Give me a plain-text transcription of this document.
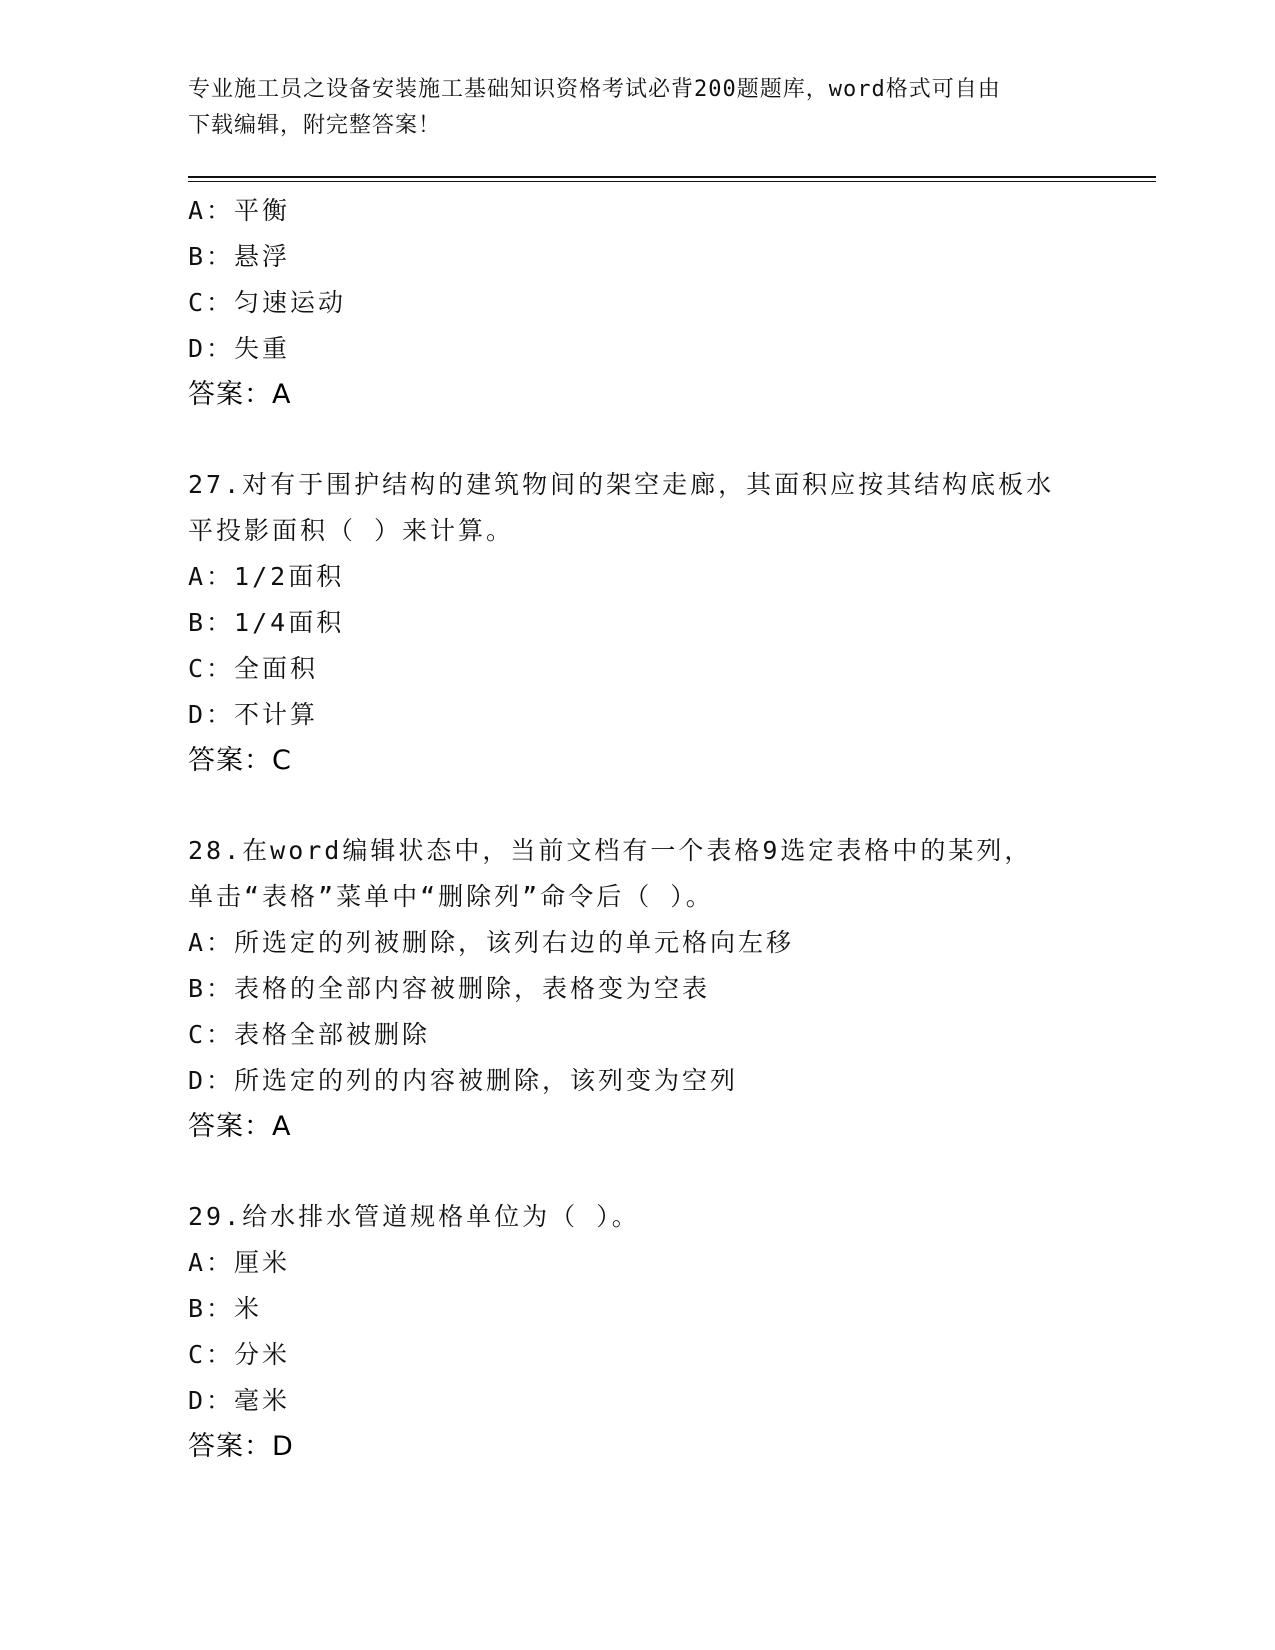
专业施工员之设备安装施工基础知识资格考试必背200题题库，word格式可自由
下载编辑，附完整答案！
A：平衡
B：悬浮
C：匀速运动
D：失重
答案：A
27.对有于围护结构的建筑物间的架空走廊，其面积应按其结构底板水
平投影面积（ ）来计算。
A：1/2面积
B：1/4面积
C：全面积
D：不计算
答案：C
28.在word编辑状态中，当前文档有一个表格9选定表格中的某列，
单击“表格”菜单中“删除列”命令后（ ）。
A：所选定的列被删除，该列右边的单元格向左移
B：表格的全部内容被删除，表格变为空表
C：表格全部被删除
D：所选定的列的内容被删除，该列变为空列
答案：A
29.给水排水管道规格单位为（ ）。
A：厘米
B：米
C：分米
D：毫米
答案：D
